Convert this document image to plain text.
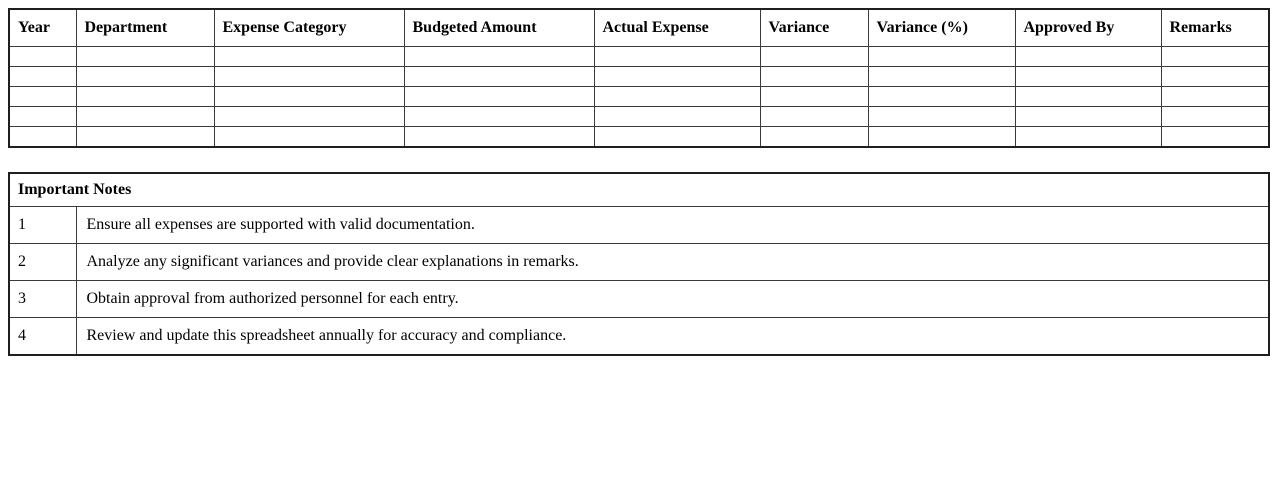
Year	Department	Expense Category	Budgeted Amount	Actual Expense	Variance	Variance (%)	Approved By	Remarks

Important Notes	
1	Ensure all expenses are supported with valid documentation.
2	Analyze any significant variances and provide clear explanations in remarks.
3	Obtain approval from authorized personnel for each entry.
4	Review and update this spreadsheet annually for accuracy and compliance.
